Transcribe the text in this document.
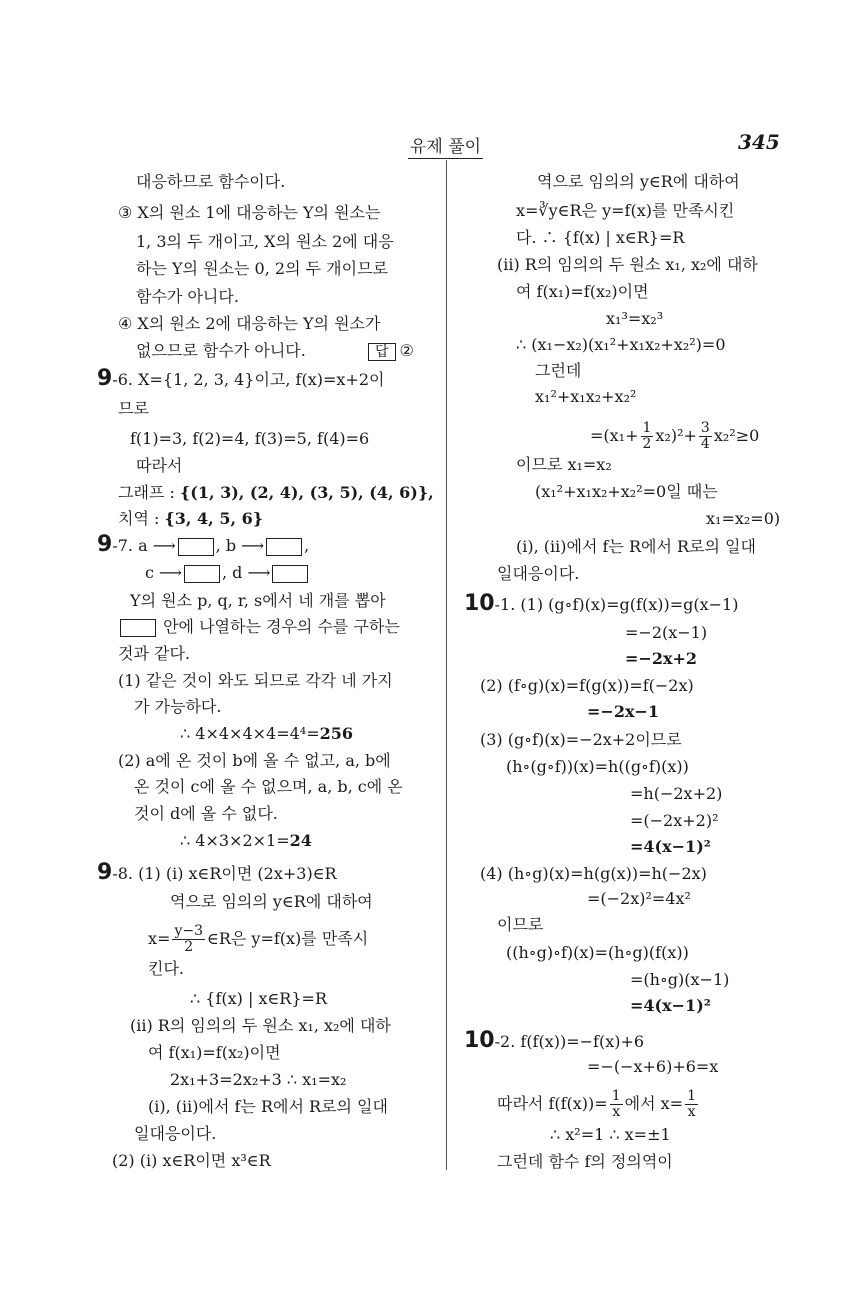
유제 풀이	345
대응하므로 함수이다.
③ X의 원소 1에 대응하는 Y의 원소는
1, 3의 두 개이고, X의 원소 2에 대응
하는 Y의 원소는 0, 2의 두 개이므로
함수가 아니다.
④ X의 원소 2에 대응하는 Y의 원소가
없으므로 함수가 아니다.	답 ②
9-6. X={1, 2, 3, 4}이고, f(x)=x+2이
므로
f(1)=3, f(2)=4, f(3)=5, f(4)=6
따라서
그래프 : {(1, 3), (2, 4), (3, 5), (4, 6)},
치역 : {3, 4, 5, 6}
9-7. a ⟶	, b ⟶	,
c ⟶	, d ⟶
Y의 원소 p, q, r, s에서 네 개를 뽑아
안에 나열하는 경우의 수를 구하는
것과 같다.
(1) 같은 것이 와도 되므로 각각 네 가지
가 가능하다.
∴ 4×4×4×4=4⁴=256
(2) a에 온 것이 b에 올 수 없고, a, b에
온 것이 c에 올 수 없으며, a, b, c에 온
것이 d에 올 수 없다.
∴ 4×3×2×1=24
9-8. (1) (i) x∈R이면 (2x+3)∈R
역으로 임의의 y∈R에 대하여
$x= \frac{y-3}{2}$ ∈R은 y=f(x)를 만족시
킨다.
∴ {f(x) | x∈R}=R
(ii) R의 임의의 두 원소 x₁, x₂에 대하
여 f(x₁)=f(x₂)이면
2x₁+3=2x₂+3 ∴ x₁=x₂
(i), (ii)에서 f는 R에서 R로의 일대
일대응이다.
(2) (i) x∈R이면 x³∈R
역으로 임의의 y∈R에 대하여
x=∛y∈R은 y=f(x)를 만족시킨
다. ∴ {f(x) | x∈R}=R
(ii) R의 임의의 두 원소 x₁, x₂에 대하
여 f(x₁)=f(x₂)이면
x₁³=x₂³
∴ (x₁−x₂)(x₁²+x₁x₂+x₂²)=0
그런데
x₁²+x₁x₂+x₂²
$=(x_1+ \frac{1}{2} x_2)^2+ \frac{3}{4} x_2^2\ge 0$
이므로 x₁=x₂
(x₁²+x₁x₂+x₂²=0일 때는
x₁=x₂=0)
(i), (ii)에서 f는 R에서 R로의 일대
일대응이다.
10-1. (1) (g∘f)(x)=g(f(x))=g(x−1)
=−2(x−1)
=−2x+2
(2) (f∘g)(x)=f(g(x))=f(−2x)
=−2x−1
(3) (g∘f)(x)=−2x+2이므로
(h∘(g∘f))(x)=h((g∘f)(x))
=h(−2x+2)
=(−2x+2)²
=4(x−1)²
(4) (h∘g)(x)=h(g(x))=h(−2x)
=(−2x)²=4x²
이므로
((h∘g)∘f)(x)=(h∘g)(f(x))
=(h∘g)(x−1)
=4(x−1)²
10-2. f(f(x))=−f(x)+6
=−(−x+6)+6=x
따라서 $f(f(x))= \frac{1}{x}$ 에서 $x= \frac{1}{x}$
∴ x²=1 ∴ x=±1
그런데 함수 f의 정의역이
